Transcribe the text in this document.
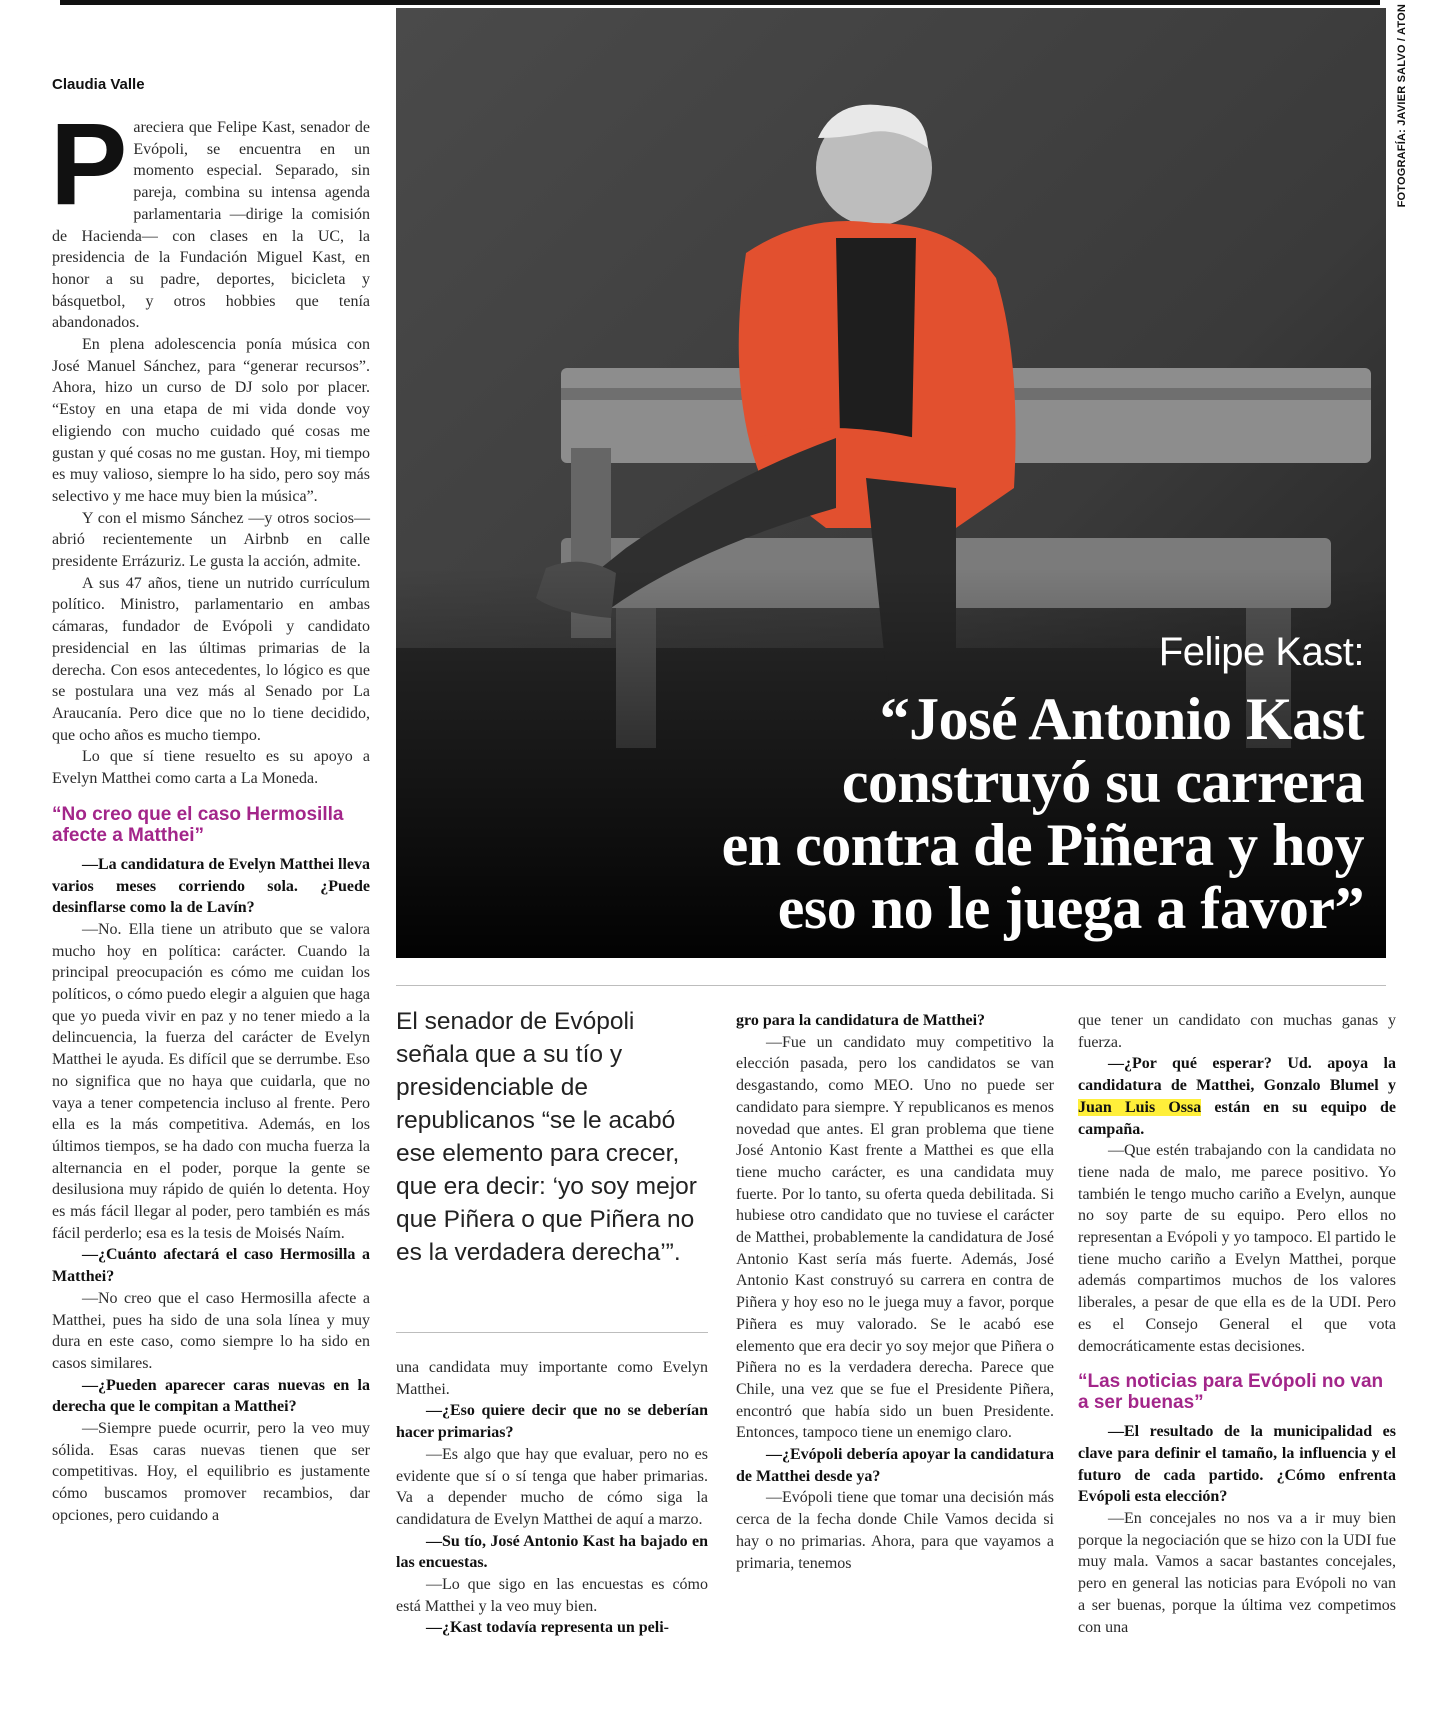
FOTOGRAFÍA: JAVIER SALVO / ATON
Claudia Valle
P areciera que Felipe Kast, senador de Evópoli, se encuentra en un momento especial. Separado, sin pareja, combina su intensa agenda parlamentaria —dirige la comisión de Hacienda— con clases en la UC, la presidencia de la Fundación Miguel Kast, en honor a su padre, deportes, bicicleta y básquetbol, y otros hobbies que tenía abandonados.

En plena adolescencia ponía música con José Manuel Sánchez, para “generar recursos”. Ahora, hizo un curso de DJ solo por placer. “Estoy en una etapa de mi vida donde voy eligiendo con mucho cuidado qué cosas me gustan y qué cosas no me gustan. Hoy, mi tiempo es muy valioso, siempre lo ha sido, pero soy más selectivo y me hace muy bien la música”.

Y con el mismo Sánchez —y otros socios— abrió recientemente un Airbnb en calle presidente Errázuriz. Le gusta la acción, admite.

A sus 47 años, tiene un nutrido currículum político. Ministro, parlamentario en ambas cámaras, fundador de Evópoli y candidato presidencial en las últimas primarias de la derecha. Con esos antecedentes, lo lógico es que se postulara una vez más al Senado por La Araucanía. Pero dice que no lo tiene decidido, que ocho años es mucho tiempo.

Lo que sí tiene resuelto es su apoyo a Evelyn Matthei como carta a La Moneda.

“No creo que el caso Hermosilla afecte a Matthei”

—La candidatura de Evelyn Matthei lleva varios meses corriendo sola. ¿Puede desinflarse como la de Lavín?

—No. Ella tiene un atributo que se valora mucho hoy en política: carácter. Cuando la principal preocupación es cómo me cuidan los políticos, o cómo puedo elegir a alguien que haga que yo pueda vivir en paz y no tener miedo a la delincuencia, la fuerza del carácter de Evelyn Matthei le ayuda. Es difícil que se derrumbe. Eso no significa que no haya que cuidarla, que no vaya a tener competencia incluso al frente. Pero ella es la más competitiva. Además, en los últimos tiempos, se ha dado con mucha fuerza la alternancia en el poder, porque la gente se desilusiona muy rápido de quién lo detenta. Hoy es más fácil llegar al poder, pero también es más fácil perderlo; esa es la tesis de Moisés Naím.

—¿Cuánto afectará el caso Hermosilla a Matthei?

—No creo que el caso Hermosilla afecte a Matthei, pues ha sido de una sola línea y muy dura en este caso, como siempre lo ha sido en casos similares.

—¿Pueden aparecer caras nuevas en la derecha que le compitan a Matthei?

—Siempre puede ocurrir, pero la veo muy sólida. Esas caras nuevas tienen que ser competitivas. Hoy, el equilibrio es justamente cómo buscamos promover recambios, dar opciones, pero cuidando a

Felipe Kast:
“José Antonio Kast
construyó su carrera
en contra de Piñera y hoy
eso no le juega a favor”
El senador de Evópoli señala que a su tío y presidenciable de republicanos “se le acabó ese elemento para crecer, que era decir: ‘yo soy mejor que Piñera o que Piñera no es la verdadera derecha’”.

una candidata muy importante como Evelyn Matthei.

—¿Eso quiere decir que no se deberían hacer primarias?

—Es algo que hay que evaluar, pero no es evidente que sí o sí tenga que haber primarias. Va a depender mucho de cómo siga la candidatura de Evelyn Matthei de aquí a marzo.

—Su tío, José Antonio Kast ha bajado en las encuestas.

—Lo que sigo en las encuestas es cómo está Matthei y la veo muy bien.

—¿Kast todavía representa un peli-

gro para la candidatura de Matthei?

—Fue un candidato muy competitivo la elección pasada, pero los candidatos se van desgastando, como MEO. Uno no puede ser candidato para siempre. Y republicanos es menos novedad que antes. El gran problema que tiene José Antonio Kast frente a Matthei es que ella tiene mucho carácter, es una candidata muy fuerte. Por lo tanto, su oferta queda debilitada. Si hubiese otro candidato que no tuviese el carácter de Matthei, probablemente la candidatura de José Antonio Kast sería más fuerte. Además, José Antonio Kast construyó su carrera en contra de Piñera y hoy eso no le juega muy a favor, porque Piñera es muy valorado. Se le acabó ese elemento que era decir yo soy mejor que Piñera o Piñera no es la verdadera derecha. Parece que Chile, una vez que se fue el Presidente Piñera, encontró que había sido un buen Presidente. Entonces, tampoco tiene un enemigo claro.

—¿Evópoli debería apoyar la candidatura de Matthei desde ya?

—Evópoli tiene que tomar una decisión más cerca de la fecha donde Chile Vamos decida si hay o no primarias. Ahora, para que vayamos a primaria, tenemos

que tener un candidato con muchas ganas y fuerza.

—¿Por qué esperar? Ud. apoya la candidatura de Matthei, Gonzalo Blumel y Juan Luis Ossa están en su equipo de campaña.

—Que estén trabajando con la candidata no tiene nada de malo, me parece positivo. Yo también le tengo mucho cariño a Evelyn, aunque no soy parte de su equipo. Pero ellos no representan a Evópoli y yo tampoco. El partido le tiene mucho cariño a Evelyn Matthei, porque además compartimos muchos de los valores liberales, a pesar de que ella es de la UDI. Pero es el Consejo General el que vota democráticamente estas decisiones.

“Las noticias para Evópoli no van a ser buenas”

—El resultado de la municipalidad es clave para definir el tamaño, la influencia y el futuro de cada partido. ¿Cómo enfrenta Evópoli esta elección?

—En concejales no nos va a ir muy bien porque la negociación que se hizo con la UDI fue muy mala. Vamos a sacar bastantes concejales, pero en general las noticias para Evópoli no van a ser buenas, porque la última vez competimos con una
